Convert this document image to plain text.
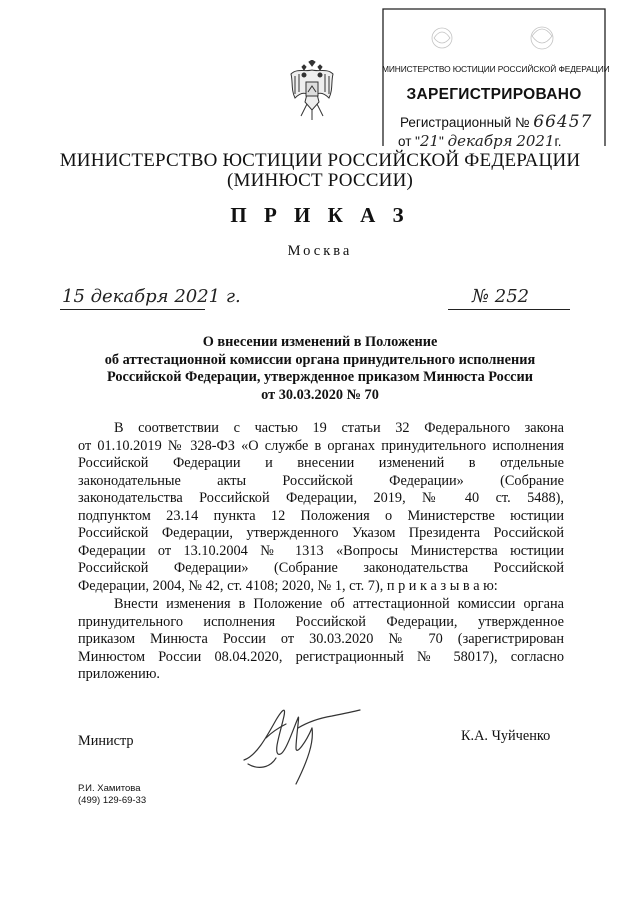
МИНИСТЕРСТВО ЮСТИЦИИ РОССИЙСКОЙ ФЕДЕРАЦИИ
ЗАРЕГИСТРИРОВАНО
Регистрационный № 66457
от "21" декабря 2021г.
МИНИСТЕРСТВО ЮСТИЦИИ РОССИЙСКОЙ ФЕДЕРАЦИИ
(МИНЮСТ РОССИИ)
П Р И К А З
Москва
15 декабря 2021 г.	№ 252
О внесении изменений в Положение
об аттестационной комиссии органа принудительного исполнения
Российской Федерации, утвержденное приказом Минюста России
от 30.03.2020 № 70
В соответствии с частью 19 статьи 32 Федерального закона
от 01.10.2019 № 328-ФЗ «О службе в органах принудительного исполнения
Российской Федерации и внесении изменений в отдельные
законодательные акты Российской Федерации» (Собрание
законодательства Российской Федерации, 2019, № 40 ст. 5488),
подпунктом 23.14 пункта 12 Положения о Министерстве юстиции
Российской Федерации, утвержденного Указом Президента Российской
Федерации от 13.10.2004 № 1313 «Вопросы Министерства юстиции
Российской Федерации» (Собрание законодательства Российской
Федерации, 2004, № 42, ст. 4108; 2020, № 1, ст. 7), п р и к а з ы в а ю:
Внести изменения в Положение об аттестационной комиссии органа
принудительного исполнения Российской Федерации, утвержденное
приказом Минюста России от 30.03.2020 № 70 (зарегистрирован
Минюстом России 08.04.2020, регистрационный № 58017), согласно
приложению.
Министр	К.А. Чуйченко
Р.И. Хамитова
(499) 129-69-33
